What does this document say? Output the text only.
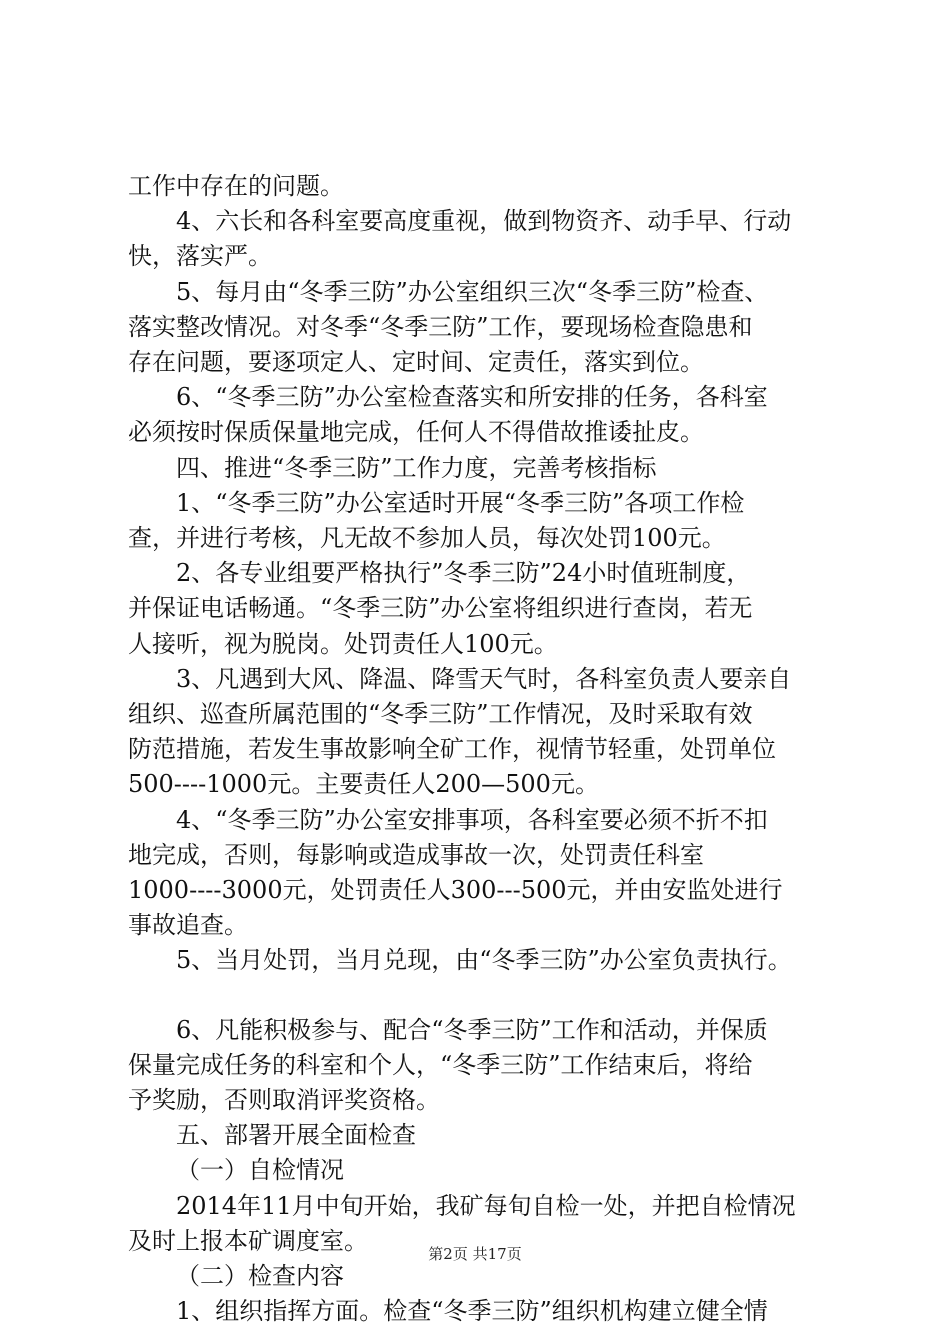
工作中存在的问题。
4、六长和各科室要高度重视，做到物资齐、动手早、行动
快，落实严。
5、每月由“冬季三防”办公室组织三次“冬季三防”检查、
落实整改情况。对冬季“冬季三防”工作，要现场检查隐患和
存在问题，要逐项定人、定时间、定责任，落实到位。
6、“冬季三防”办公室检查落实和所安排的任务，各科室
必须按时保质保量地完成，任何人不得借故推诿扯皮。
四、推进“冬季三防”工作力度，完善考核指标
1、“冬季三防”办公室适时开展“冬季三防”各项工作检
查，并进行考核，凡无故不参加人员，每次处罚100元。
2、各专业组要严格执行”冬季三防”24小时值班制度，
并保证电话畅通。“冬季三防”办公室将组织进行查岗，若无
人接听，视为脱岗。处罚责任人100元。
3、凡遇到大风、降温、降雪天气时，各科室负责人要亲自
组织、巡查所属范围的“冬季三防”工作情况，及时采取有效
防范措施，若发生事故影响全矿工作，视情节轻重，处罚单位
500----1000元。主要责任人200—500元。
4、“冬季三防”办公室安排事项，各科室要必须不折不扣
地完成，否则，每影响或造成事故一次，处罚责任科室
1000----3000元，处罚责任人300---500元，并由安监处进行
事故追查。
5、当月处罚，当月兑现，由“冬季三防”办公室负责执行。
6、凡能积极参与、配合“冬季三防”工作和活动，并保质
保量完成任务的科室和个人，“冬季三防”工作结束后，将给
予奖励，否则取消评奖资格。
五、部署开展全面检查
（一）自检情况
2014年11月中旬开始，我矿每旬自检一处，并把自检情况
及时上报本矿调度室。
（二）检查内容
1、组织指挥方面。检查“冬季三防”组织机构建立健全情
第2页 共17页
